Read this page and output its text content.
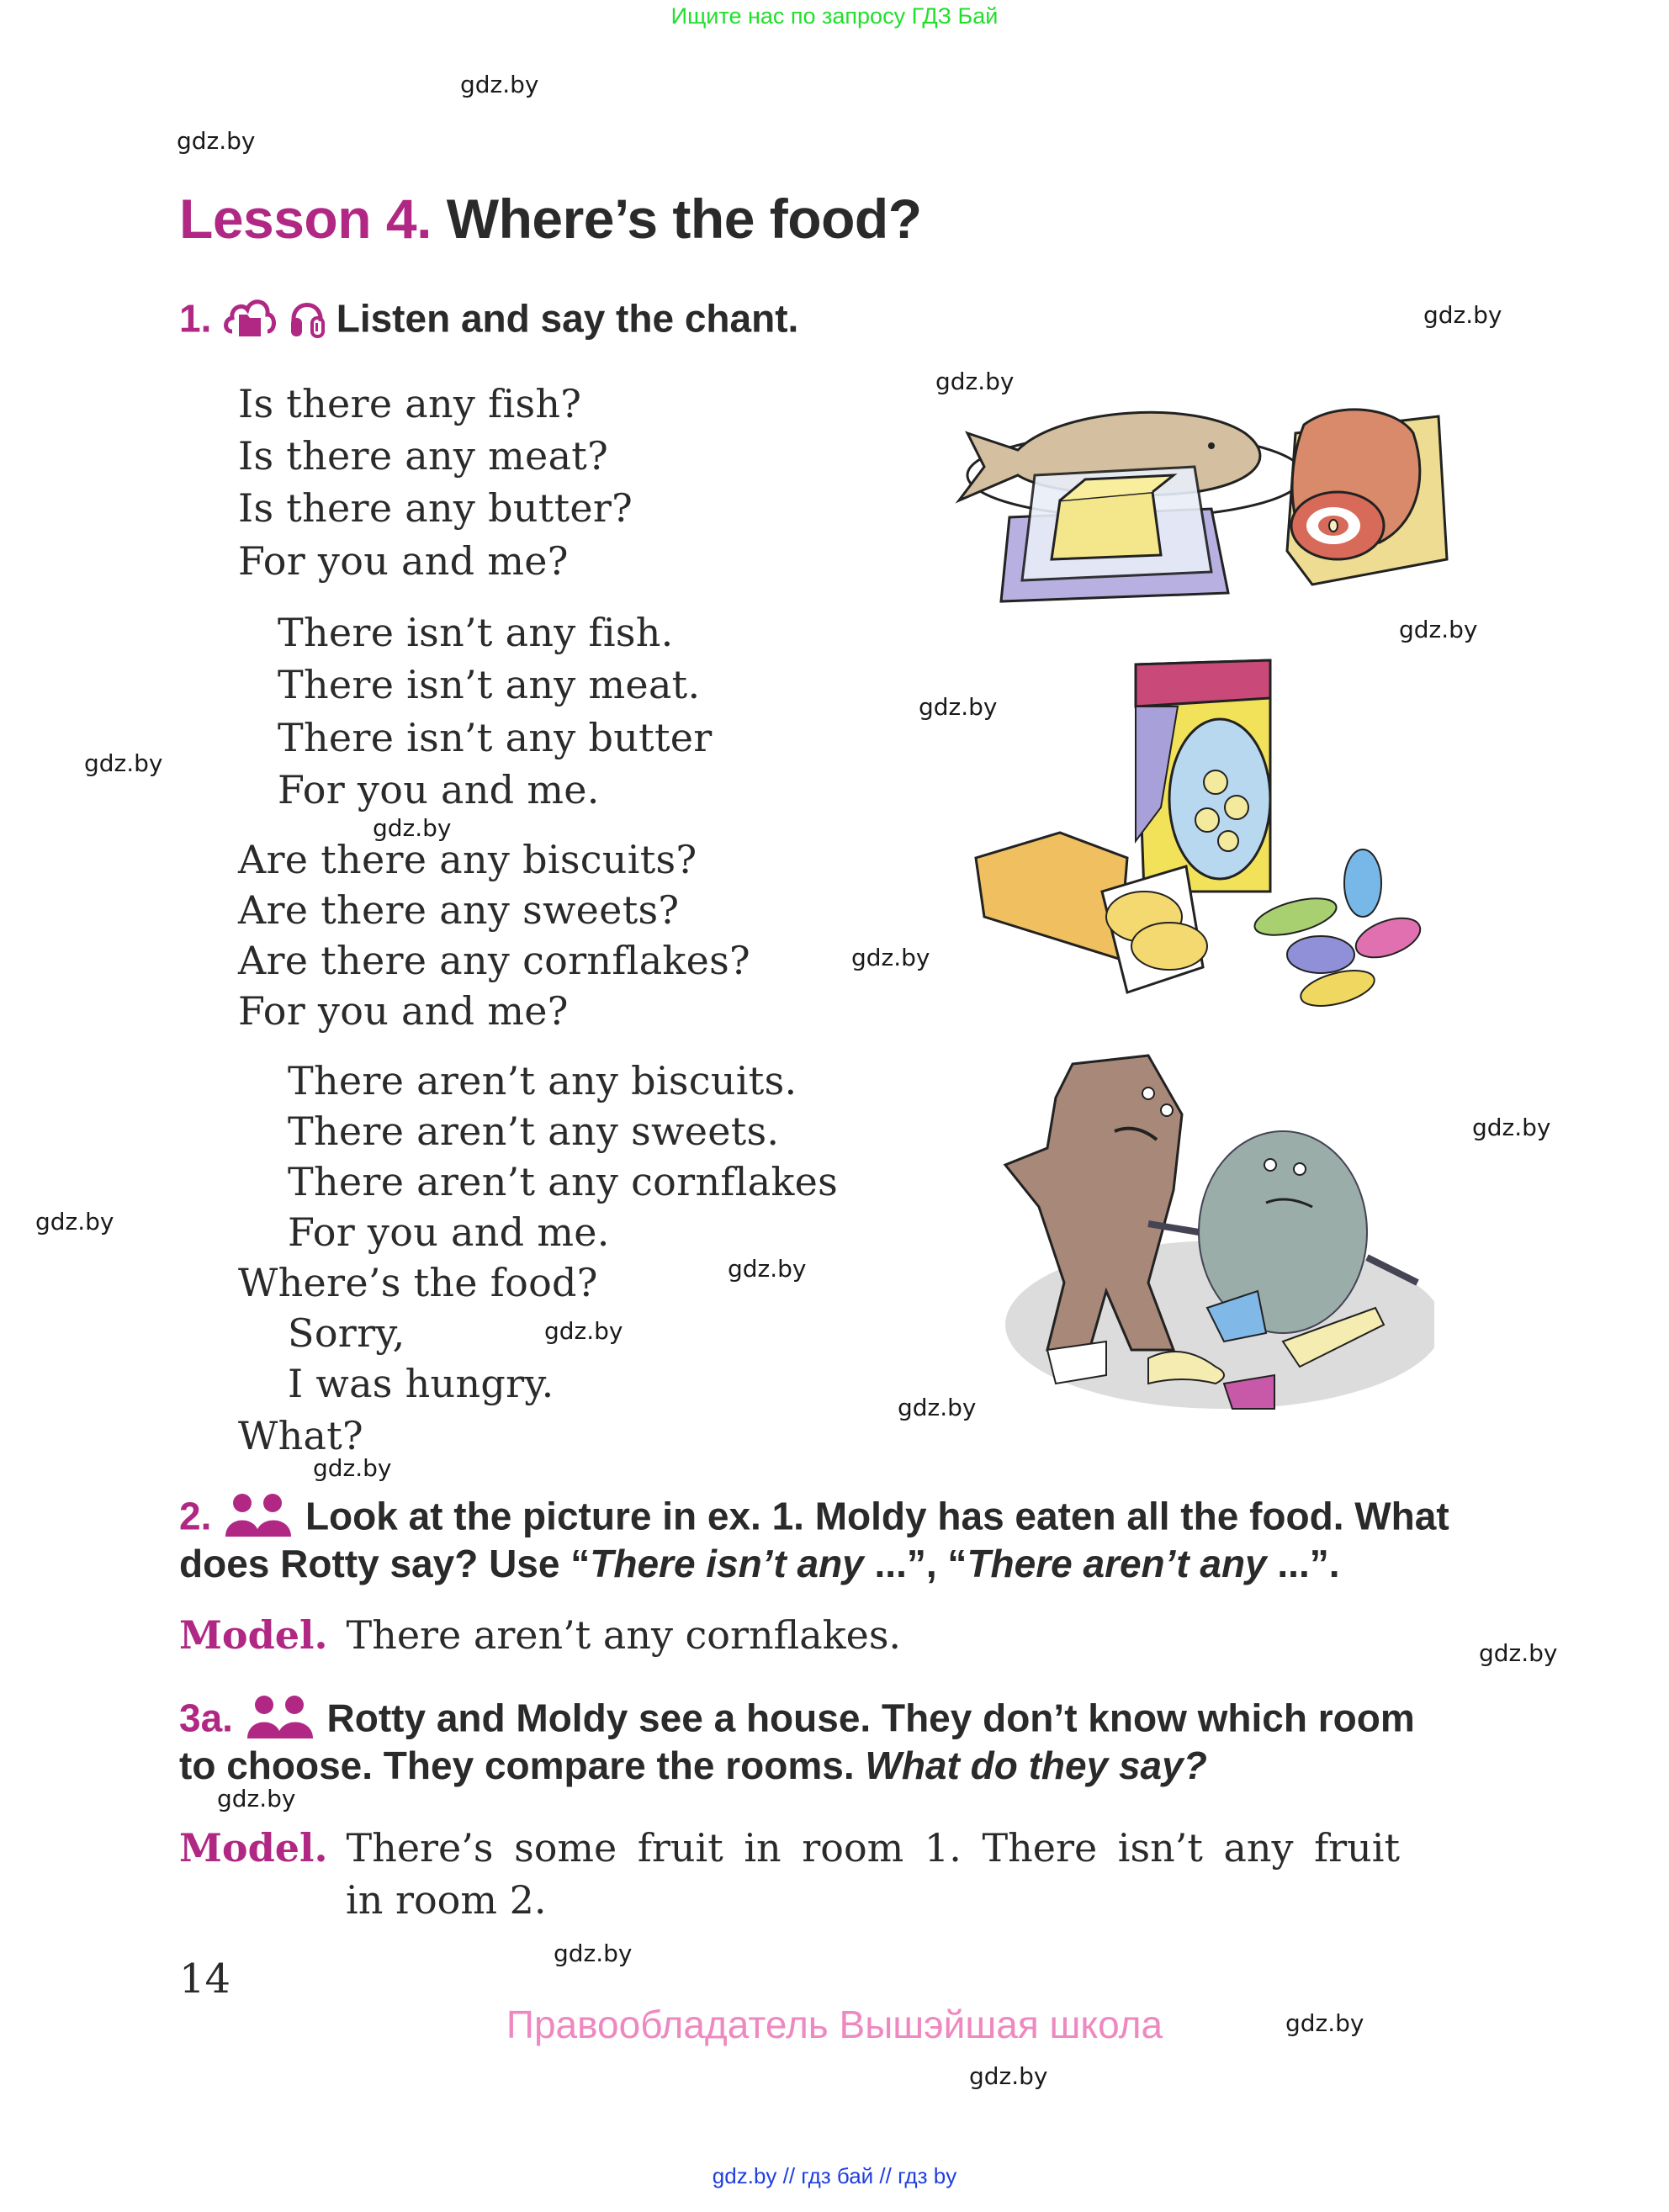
Ищите нас по запросу ГДЗ Бай
gdz.by
gdz.by
gdz.by
gdz.by
gdz.by
gdz.by
gdz.by
gdz.by
gdz.by
gdz.by
gdz.by
gdz.by
gdz.by
gdz.by
gdz.by
gdz.by
gdz.by
gdz.by
gdz.by
gdz.by
Lesson 4. Where’s the food?
1.	Listen and say the chant.
Is there any fish?
Is there any meat?
Is there any butter?
For you and me?
There isn’t any fish.
There isn’t any meat.
There isn’t any butter
For you and me.
Are there any biscuits?
Are there any sweets?
Are there any cornflakes?
For you and me?
There aren’t any biscuits.
There aren’t any sweets.
There aren’t any cornflakes
For you and me.
Where’s the food?
Sorry,
I was hungry.
What?
2. Look at the picture in ex. 1. Moldy has eaten all the food. What
does Rotty say? Use “There isn’t any ...”, “There aren’t any ...”.
Model. There aren’t any cornflakes.
3a. Rotty and Moldy see a house. They don’t know which room
to choose. They compare the rooms. What do they say?
Model. There’s some fruit in room 1. There isn’t any fruit
in room 2.
14
Правообладатель Вышэйшая школа
gdz.by // гдз бай // гдз by
